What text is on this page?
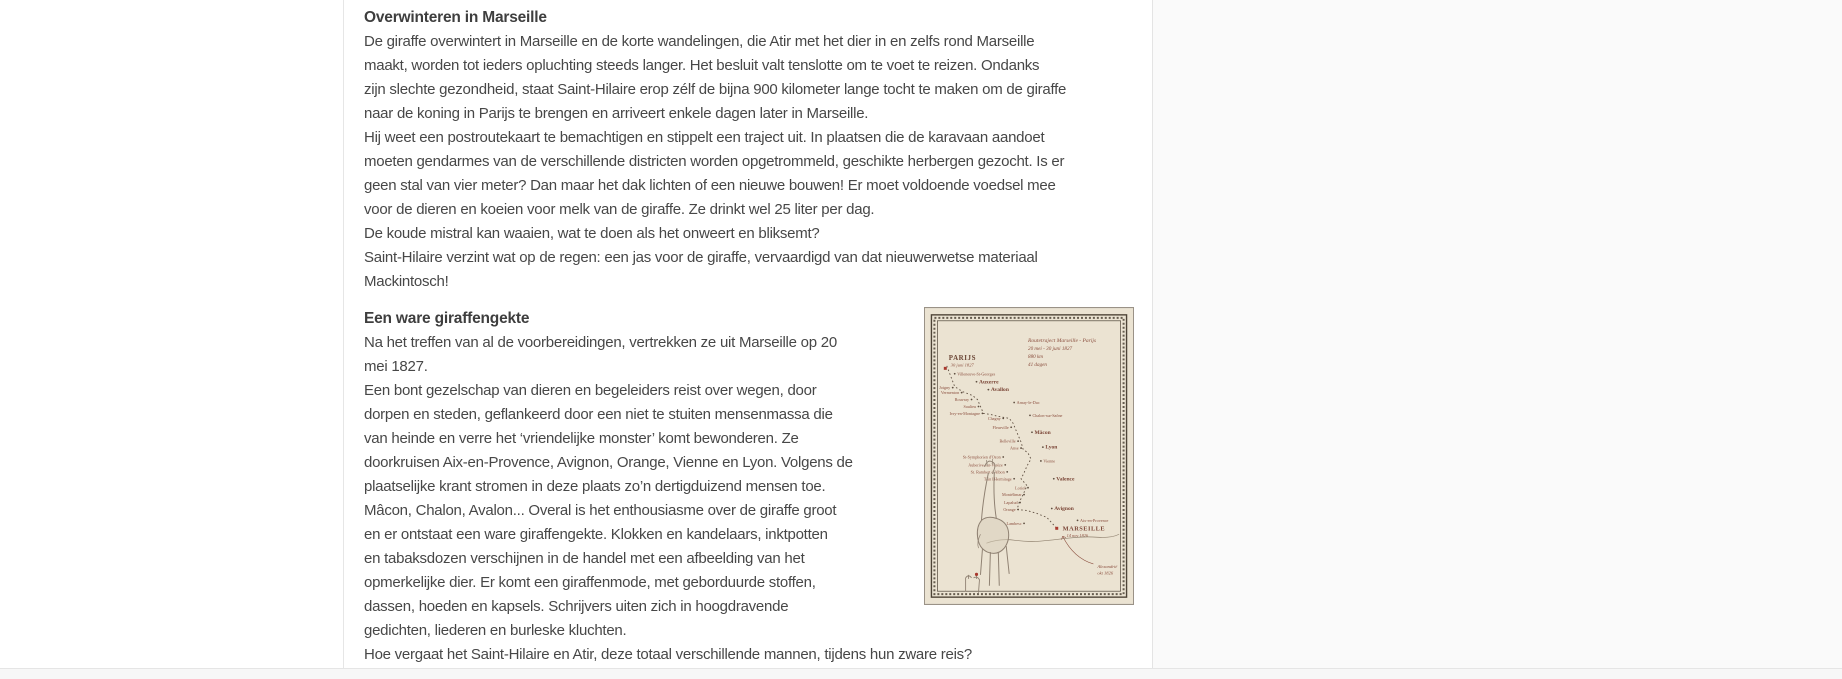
Overwinteren in Marseille

De giraffe overwintert in Marseille en de korte wandelingen, die Atir met het dier in en zelfs rond Marseille
maakt, worden tot ieders opluchting steeds langer. Het besluit valt tenslotte om te voet te reizen. Ondanks
zijn slechte gezondheid, staat Saint-Hilaire erop zélf de bijna 900 kilometer lange tocht te maken om de giraffe
naar de koning in Parijs te brengen en arriveert enkele dagen later in Marseille.
Hij weet een postroutekaart te bemachtigen en stippelt een traject uit. In plaatsen die de karavaan aandoet
moeten gendarmes van de verschillende districten worden opgetrommeld, geschikte herbergen gezocht. Is er
geen stal van vier meter? Dan maar het dak lichten of een nieuwe bouwen! Er moet voldoende voedsel mee
voor de dieren en koeien voor melk van de giraffe. Ze drinkt wel 25 liter per dag.
De koude mistral kan waaien, wat te doen als het onweert en bliksemt?
Saint-Hilaire verzint wat op de regen: een jas voor de giraffe, vervaardigd van dat nieuwerwetse materiaal
Mackintosch!

Routetraject Marseille - Parijs
20 mei - 30 juni 1827
880 km
41 dagen
PARIJS
30 juni 1827
Villeneuve-St-Georges
Joigny
Auxerre
Vermenton	Avallon
Rouvray
Saulieu
Ivry-en-Montagne
Arnay-le-Duc
Chagny
Chalon-sur-Saône
Fleurville
Mâcon
Belleville
Anse	Lyon
St-Symphorien d'Ozon
Vienne
Auberive-sur-Varèze
St. Rambert d'Albon
Tain l'Hermitage	Valence
Loriol
Montélimar
Lapalud
Orange	Avignon
Lambesc
Aix-en-Provence
MARSEILLE
14 nov 1826
Alexandrië
okt 1826
Een ware giraffengekte

Na het treffen van al de voorbereidingen, vertrekken ze uit Marseille op 20
mei 1827.
Een bont gezelschap van dieren en begeleiders reist over wegen, door
dorpen en steden, geflankeerd door een niet te stuiten mensenmassa die
van heinde en verre het ‘vriendelijke monster’ komt bewonderen. Ze
doorkruisen Aix-en-Provence, Avignon, Orange, Vienne en Lyon. Volgens de
plaatselijke krant stromen in deze plaats zo’n dertigduizend mensen toe.
Mâcon, Chalon, Avalon... Overal is het enthousiasme over de giraffe groot
en er ontstaat een ware giraffengekte. Klokken en kandelaars, inktpotten
en tabaksdozen verschijnen in de handel met een afbeelding van het
opmerkelijke dier. Er komt een giraffenmode, met geborduurde stoffen,
dassen, hoeden en kapsels. Schrijvers uiten zich in hoogdravende
gedichten, liederen en burleske kluchten.
Hoe vergaat het Saint-Hilaire en Atir, deze totaal verschillende mannen, tijdens hun zware reis?
